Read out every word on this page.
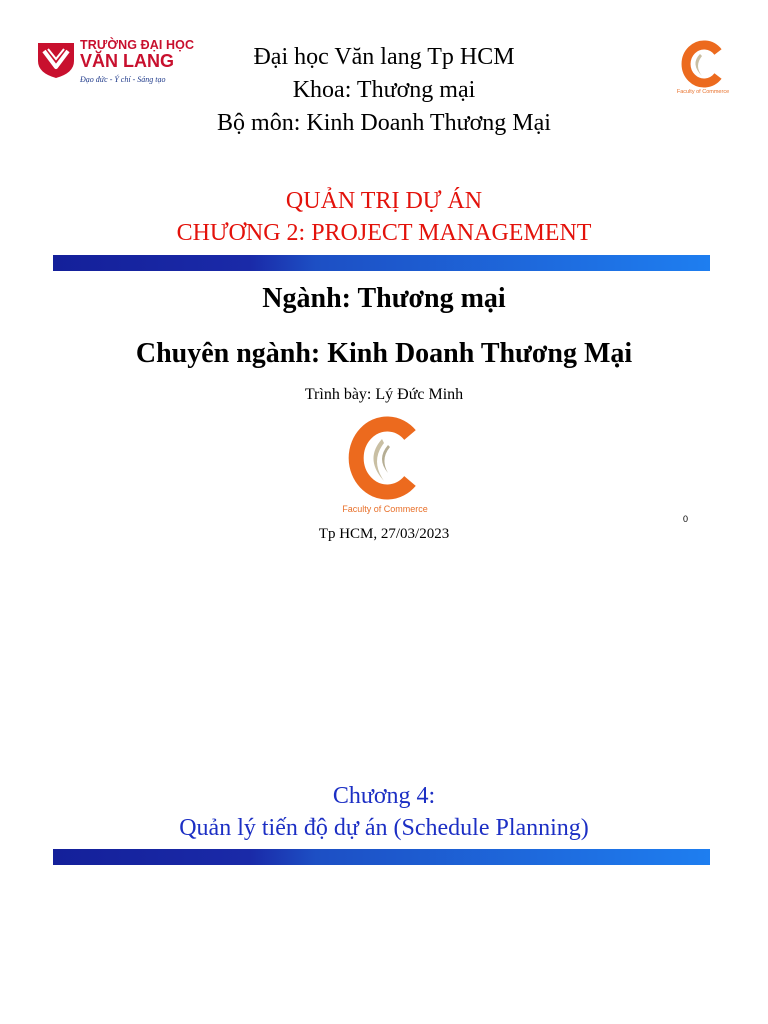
TRƯỜNG ĐẠI HỌC
VĂN LANG
Đạo đức - Ý chí - Sáng tạo
Faculty of Commerce
Đại học Văn lang Tp HCM
Khoa: Thương mại
Bộ môn: Kinh Doanh Thương Mại
QUẢN TRỊ DỰ ÁN
CHƯƠNG 2: PROJECT MANAGEMENT
Ngành: Thương mại
Chuyên ngành: Kinh Doanh Thương Mại
Trình bày: Lý Đức Minh
Faculty of Commerce
0
Tp HCM, 27/03/2023
Chương 4:
Quản lý tiến độ dự án (Schedule Planning)
